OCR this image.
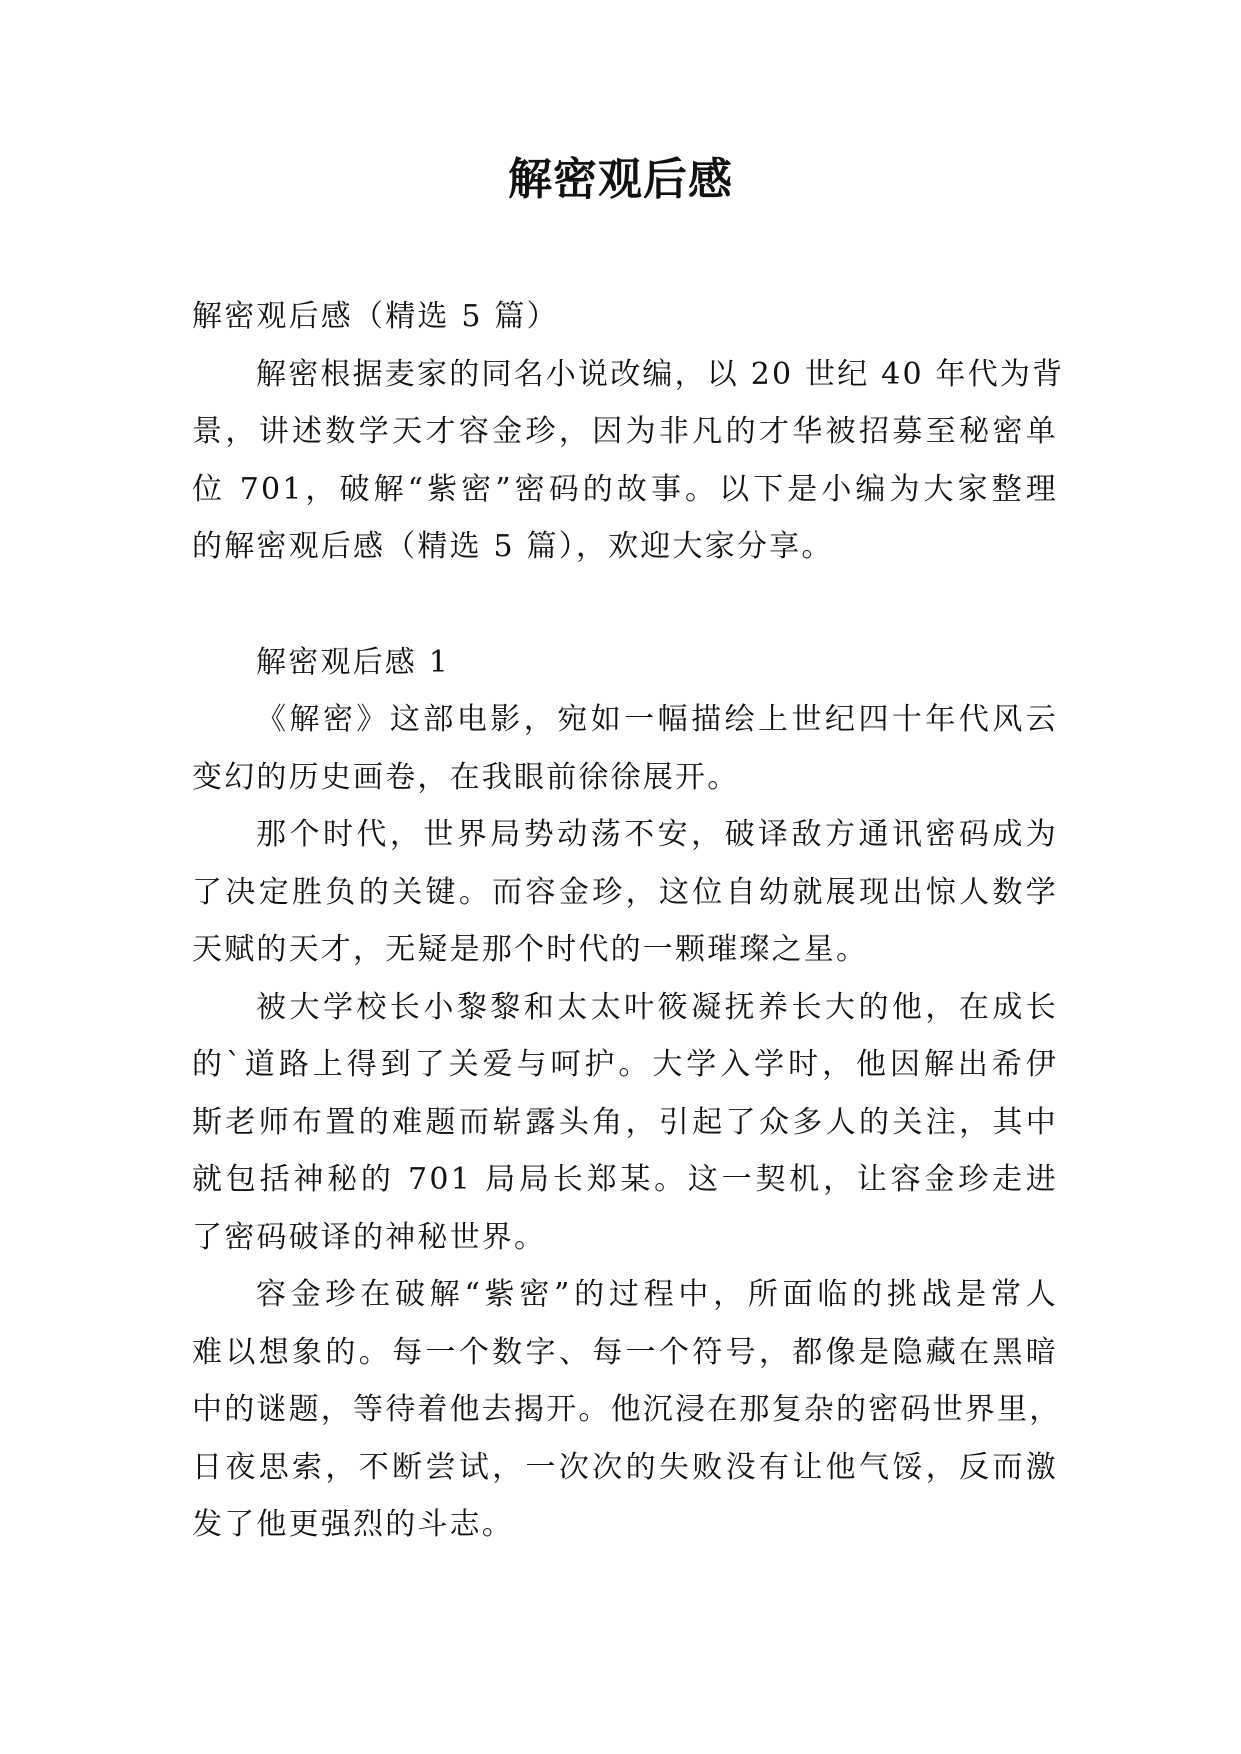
解密观后感

解密观后感（精选 5 篇）

解密根据麦家的同名小说改编，以 20 世纪 40 年代为背

景，讲述数学天才容金珍，因为非凡的才华被招募至秘密单

位 701，破解“紫密”密码的故事。以下是小编为大家整理

的解密观后感（精选 5 篇），欢迎大家分享。

解密观后感 1

《解密》这部电影，宛如一幅描绘上世纪四十年代风云

变幻的历史画卷，在我眼前徐徐展开。

那个时代，世界局势动荡不安，破译敌方通讯密码成为

了决定胜负的关键。而容金珍，这位自幼就展现出惊人数学

天赋的天才，无疑是那个时代的一颗璀璨之星。

被大学校长小黎黎和太太叶筱凝抚养长大的他，在成长

的`道路上得到了关爱与呵护。大学入学时，他因解出希伊

斯老师布置的难题而崭露头角，引起了众多人的关注，其中

就包括神秘的 701 局局长郑某。这一契机，让容金珍走进

了密码破译的神秘世界。

容金珍在破解“紫密”的过程中，所面临的挑战是常人

难以想象的。每一个数字、每一个符号，都像是隐藏在黑暗

中的谜题，等待着他去揭开。他沉浸在那复杂的密码世界里，

日夜思索，不断尝试，一次次的失败没有让他气馁，反而激

发了他更强烈的斗志。
